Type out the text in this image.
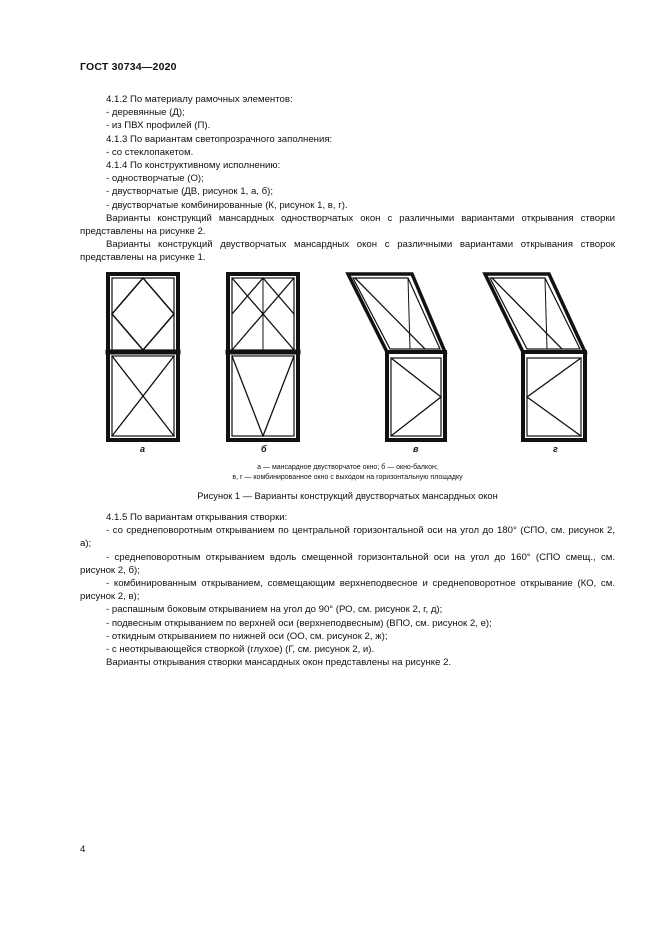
ГОСТ 30734—2020

4.1.2 По материалу рамочных элементов:

- деревянные (Д);

- из ПВХ профилей (П).

4.1.3 По вариантам светопрозрачного заполнения:

- со стеклопакетом.

4.1.4 По конструктивному исполнению:

- одностворчатые (О);

- двустворчатые (ДВ, рисунок 1, а, б);

- двустворчатые комбинированные (К, рисунок 1, в, г).

Варианты конструкций мансардных одностворчатых окон с различными вариантами открывания створки представлены на рисунке 2.

Варианты конструкций двустворчатых мансардных окон с различными вариантами открывания створок представлены на рисунке 1.

а	б	в	г
а — мансардное двустворчатое окно; б — окно-балкон;
в, г — комбинированное окно с выходом на горизонтальную площадку
Рисунок 1 — Варианты конструкций двустворчатых мансардных окон

4.1.5 По вариантам открывания створки:

- со среднеповоротным открыванием по центральной горизонтальной оси на угол до 180° (СПО, см. рисунок 2, а);

- среднеповоротным открыванием вдоль смещенной горизонтальной оси на угол до 160° (СПО смещ., см. рисунок 2, б);

- комбинированным открыванием, совмещающим верхнеподвесное и среднеповоротное открывание (КО, см. рисунок 2, в);

- распашным боковым открыванием на угол до 90° (РО, см. рисунок 2, г, д);

- подвесным открыванием по верхней оси (верхнеподвесным) (ВПО, см. рисунок 2, е);

- откидным открыванием по нижней оси (ОО, см. рисунок 2, ж);

- с неоткрывающейся створкой (глухое) (Г, см. рисунок 2, и).

Варианты открывания створки мансардных окон представлены на рисунке 2.

4
